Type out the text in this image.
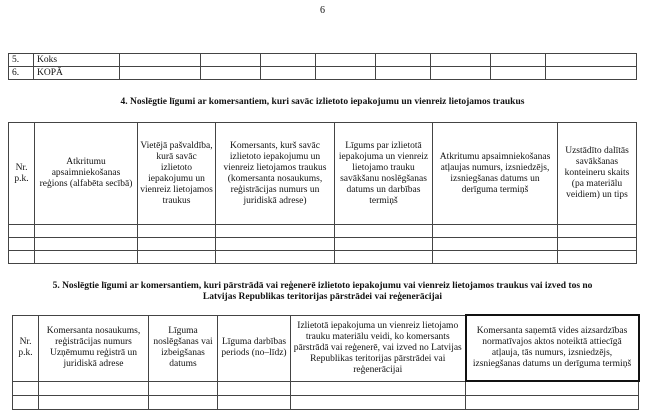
6
5.	Koks								
6.	KOPĀ								
4. Noslēgtie līgumi ar komersantiem, kuri savāc izlietoto iepakojumu un vienreiz lietojamos traukus
Nr. p.k.	Atkritumu apsaimniekošanas reģions (alfabēta secībā)	Vietējā pašvaldība, kurā savāc izlietoto iepakojumu un vienreiz lietojamos traukus	Komersants, kurš savāc izlietoto iepakojumu un vienreiz lietojamos traukus (komersanta nosaukums, reģistrācijas numurs un juridiskā adrese)	Līgums par izlietotā iepakojuma un vienreiz lietojamo trauku savākšanu noslēgšanas datums un darbības termiņš	Atkritumu apsaimniekošanas atļaujas numurs, izsniedzējs, izsniegšanas datums un derīguma termiņš	Uzstādīto dalītās savākšanas konteineru skaits (pa materiālu veidiem) un tips

5. Noslēgtie līgumi ar komersantiem, kuri pārstrādā vai reģenerē izlietoto iepakojumu vai vienreiz lietojamos traukus vai izved tos no
Latvijas Republikas teritorijas pārstrādei vai reģenerācijai
Nr. p.k.	Komersanta nosaukums, reģistrācijas numurs Uzņēmumu reģistrā un juridiskā adrese	Līguma noslēgšanas vai izbeigšanas datums	Līguma darbības periods (no–līdz)	Izlietotā iepakojuma un vienreiz lietojamo trauku materiālu veidi, ko komersants pārstrādā vai reģenerē, vai izved no Latvijas Republikas teritorijas pārstrādei vai reģenerācijai	Komersanta saņemtā vides aizsardzības normatīvajos aktos noteiktā attiecīgā atļauja, tās numurs, izsniedzējs, izsniegšanas datums un derīguma termiņš
